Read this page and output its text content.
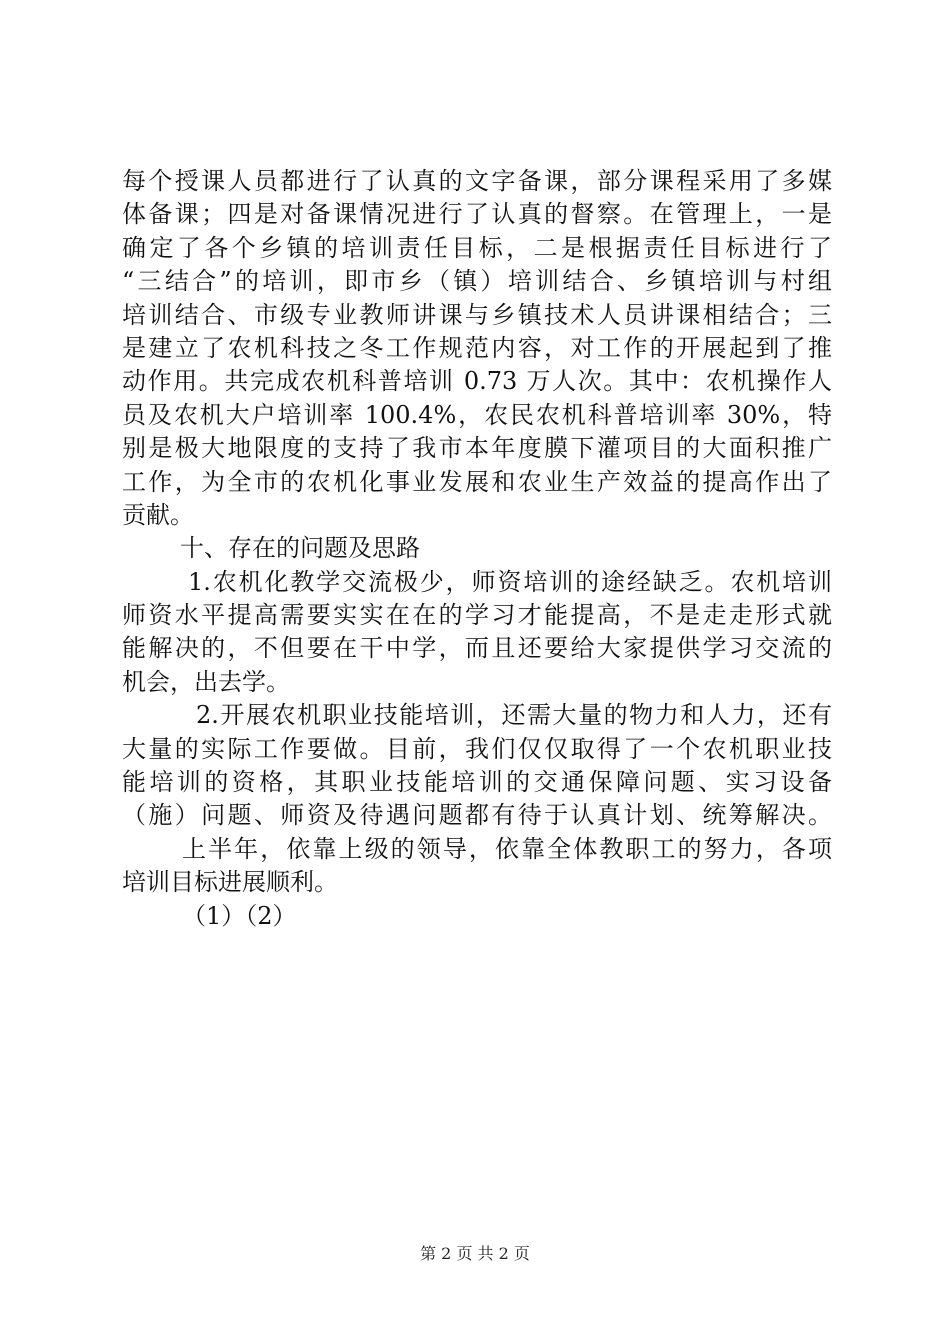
每个授课人员都进行了认真的文字备课，部分课程采用了多媒
体备课；四是对备课情况进行了认真的督察。在管理上，一是
确定了各个乡镇的培训责任目标，二是根据责任目标进行了
“三结合”的培训，即市乡（镇）培训结合、乡镇培训与村组
培训结合、市级专业教师讲课与乡镇技术人员讲课相结合；三
是建立了农机科技之冬工作规范内容，对工作的开展起到了推
动作用。共完成农机科普培训 0.73 万人次。其中：农机操作人
员及农机大户培训率 100.4%，农民农机科普培训率 30%，特
别是极大地限度的支持了我市本年度膜下灌项目的大面积推广
工作，为全市的农机化事业发展和农业生产效益的提高作出了
贡献。
十、存在的问题及思路
1.农机化教学交流极少，师资培训的途经缺乏。农机培训
师资水平提高需要实实在在的学习才能提高，不是走走形式就
能解决的，不但要在干中学，而且还要给大家提供学习交流的
机会，出去学。
2.开展农机职业技能培训，还需大量的物力和人力，还有
大量的实际工作要做。目前，我们仅仅取得了一个农机职业技
能培训的资格，其职业技能培训的交通保障问题、实习设备
（施）问题、师资及待遇问题都有待于认真计划、统筹解决。
上半年，依靠上级的领导，依靠全体教职工的努力，各项
培训目标进展顺利。
（1）（2）
第 2 页 共 2 页
